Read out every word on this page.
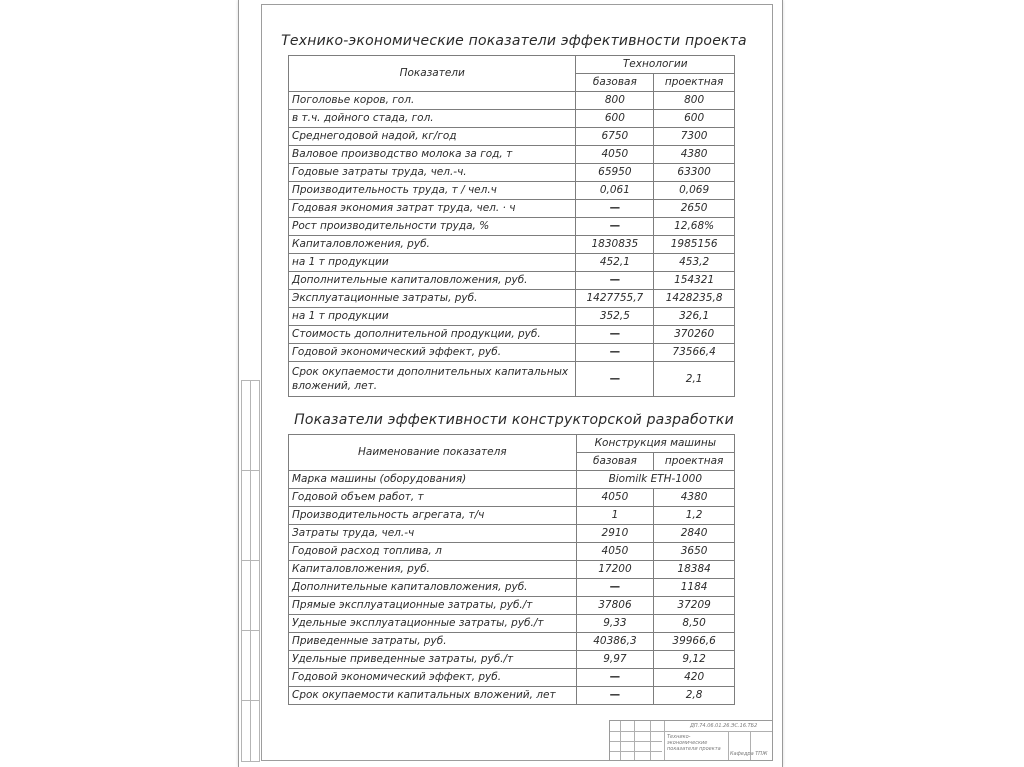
Технико-экономические показатели эффективности проекта
Показатели	Технологии	
	базовая	проектная
Поголовье коров, гол.	800	800
в т.ч. дойного стада, гол.	600	600
Среднегодовой надой, кг/год	6750	7300
Валовое производство молока за год, т	4050	4380
Годовые затраты труда, чел.-ч.	65950	63300
Производительность труда, т / чел.ч	0,061	0,069
Годовая экономия затрат труда, чел. · ч	—	2650
Рост производительности труда, %	—	12,68%
Капиталовложения, руб.	1830835	1985156
на 1 т продукции	452,1	453,2
Дополнительные капиталовложения, руб.	—	154321
Эксплуатационные затраты, руб.	1427755,7	1428235,8
на 1 т продукции	352,5	326,1
Стоимость дополнительной продукции, руб.	—	370260
Годовой экономический эффект, руб.	—	73566,4
Срок окупаемости дополнительных капитальных вложений, лет.	—	2,1
Показатели эффективности конструкторской разработки
Наименование показателя	Конструкция машины	
	базовая	проектная
Марка машины (оборудования)	Biomilk ETH-1000	
Годовой объем работ, т	4050	4380
Производительность агрегата, т/ч	1	1,2
Затраты труда, чел.-ч	2910	2840
Годовой расход топлива, л	4050	3650
Капиталовложения, руб.	17200	18384
Дополнительные капиталовложения, руб.	—	1184
Прямые эксплуатационные затраты, руб./т	37806	37209
Удельные эксплуатационные затраты, руб./т	9,33	8,50
Приведенные затраты, руб.	40386,3	39966,6
Удельные приведенные затраты, руб./т	9,97	9,12
Годовой экономический эффект, руб.	—	420
Срок окупаемости капитальных вложений, лет	—	2,8
ДП.74.06.01.26.ЭС.16.ТБ2
Технико-экономические показатели проекта
Кафедра ТПЖ
